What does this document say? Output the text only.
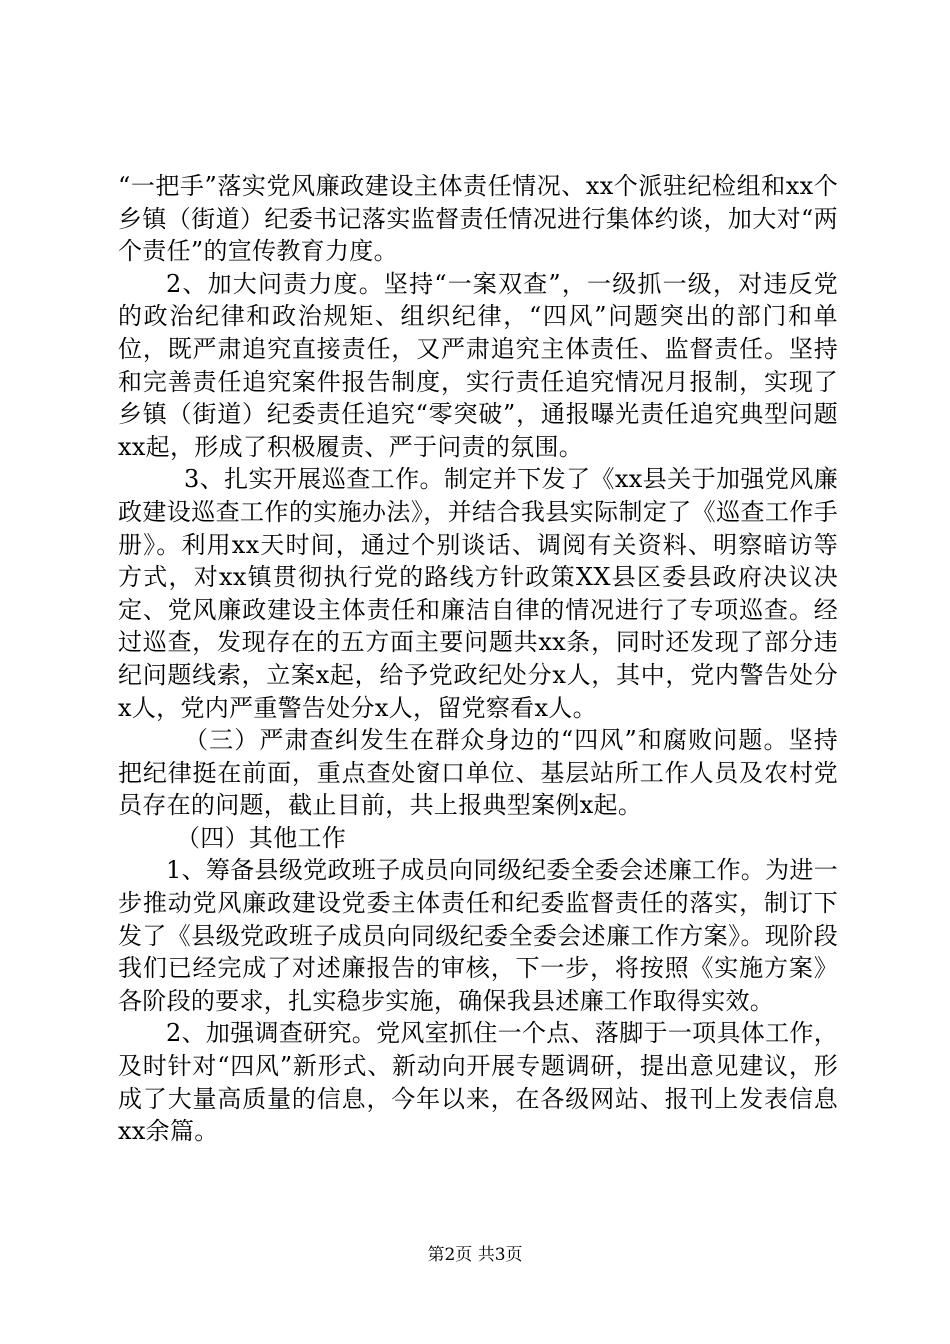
“一把手”落实党风廉政建设主体责任情况、xx个派驻纪检组和xx个乡镇（街道）纪委书记落实监督责任情况进行集体约谈，加大对“两个责任”的宣传教育力度。

2、加大问责力度。坚持“一案双查”，一级抓一级，对违反党的政治纪律和政治规矩、组织纪律，“四风”问题突出的部门和单位，既严肃追究直接责任，又严肃追究主体责任、监督责任。坚持和完善责任追究案件报告制度，实行责任追究情况月报制，实现了乡镇（街道）纪委责任追究“零突破”，通报曝光责任追究典型问题xx起，形成了积极履责、严于问责的氛围。

3、扎实开展巡查工作。制定并下发了《xx县关于加强党风廉政建设巡查工作的实施办法》，并结合我县实际制定了《巡查工作手册》。利用xx天时间，通过个别谈话、调阅有关资料、明察暗访等方式，对xx镇贯彻执行党的路线方针政策XX县区委县政府决议决定、党风廉政建设主体责任和廉洁自律的情况进行了专项巡查。经过巡查，发现存在的五方面主要问题共xx条，同时还发现了部分违纪问题线索，立案x起，给予党政纪处分x人，其中，党内警告处分x人，党内严重警告处分x人，留党察看x人。

（三）严肃查纠发生在群众身边的“四风”和腐败问题。坚持把纪律挺在前面，重点查处窗口单位、基层站所工作人员及农村党员存在的问题，截止目前，共上报典型案例x起。

（四）其他工作

1、筹备县级党政班子成员向同级纪委全委会述廉工作。为进一步推动党风廉政建设党委主体责任和纪委监督责任的落实，制订下发了《县级党政班子成员向同级纪委全委会述廉工作方案》。现阶段我们已经完成了对述廉报告的审核，下一步，将按照《实施方案》各阶段的要求，扎实稳步实施，确保我县述廉工作取得实效。

2、加强调查研究。党风室抓住一个点、落脚于一项具体工作，及时针对“四风”新形式、新动向开展专题调研，提出意见建议，形成了大量高质量的信息，今年以来，在各级网站、报刊上发表信息xx余篇。

第2页 共3页
